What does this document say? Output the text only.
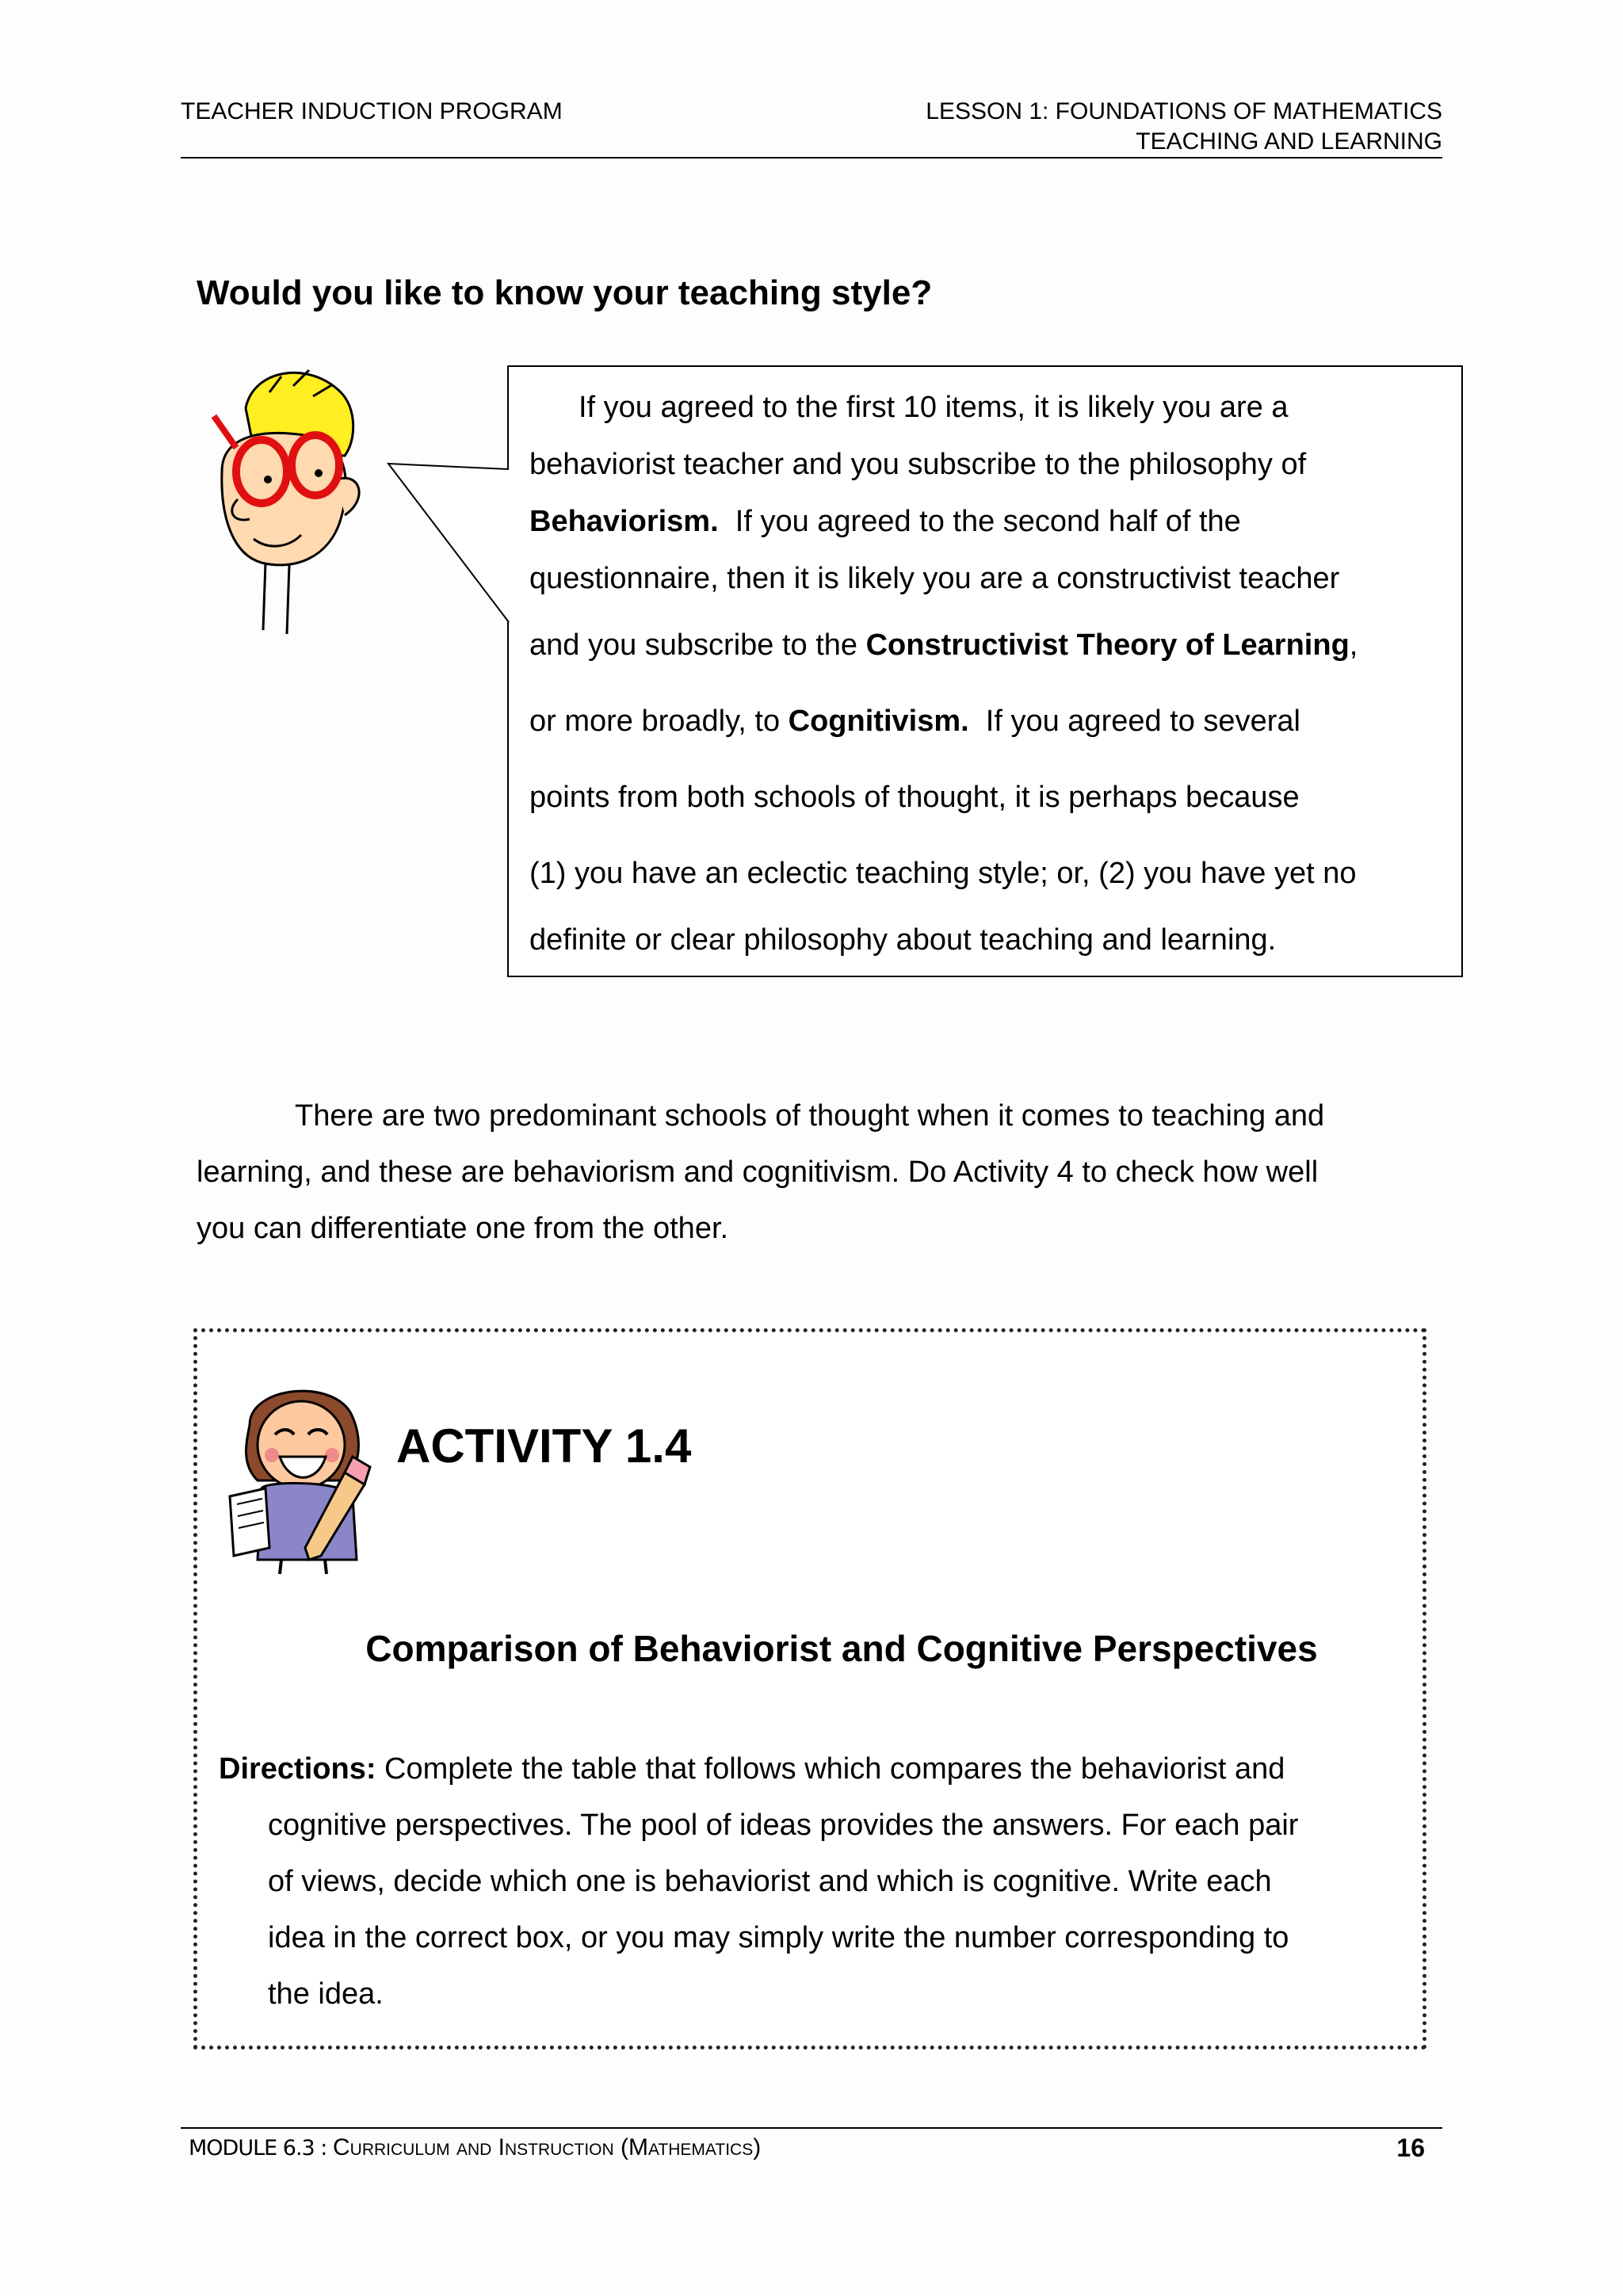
TEACHER INDUCTION PROGRAM	LESSON 1: FOUNDATIONS OF MATHEMATICS
TEACHING AND LEARNING
Would you like to know your teaching style?

If you agreed to the first 10 items, it is likely you are a

behaviorist teacher and you subscribe to the philosophy of

Behaviorism.  If you agreed to the second half of the

questionnaire, then it is likely you are a constructivist teacher

and you subscribe to the Constructivist Theory of Learning,

or more broadly, to Cognitivism.  If you agreed to several

points from both schools of thought, it is perhaps because

(1) you have an eclectic teaching style; or, (2) you have yet no

definite or clear philosophy about teaching and learning.

There are two predominant schools of thought when it comes to teaching and

learning, and these are behaviorism and cognitivism. Do Activity 4 to check how well

you can differentiate one from the other.

ACTIVITY 1.4
Comparison of Behaviorist and Cognitive Perspectives

Directions: Complete the table that follows which compares the behaviorist and

cognitive perspectives. The pool of ideas provides the answers. For each pair

of views, decide which one is behaviorist and which is cognitive. Write each

idea in the correct box, or you may simply write the number corresponding to

the idea.

MODULE 6.3 : Curriculum and Instruction (Mathematics)	16
